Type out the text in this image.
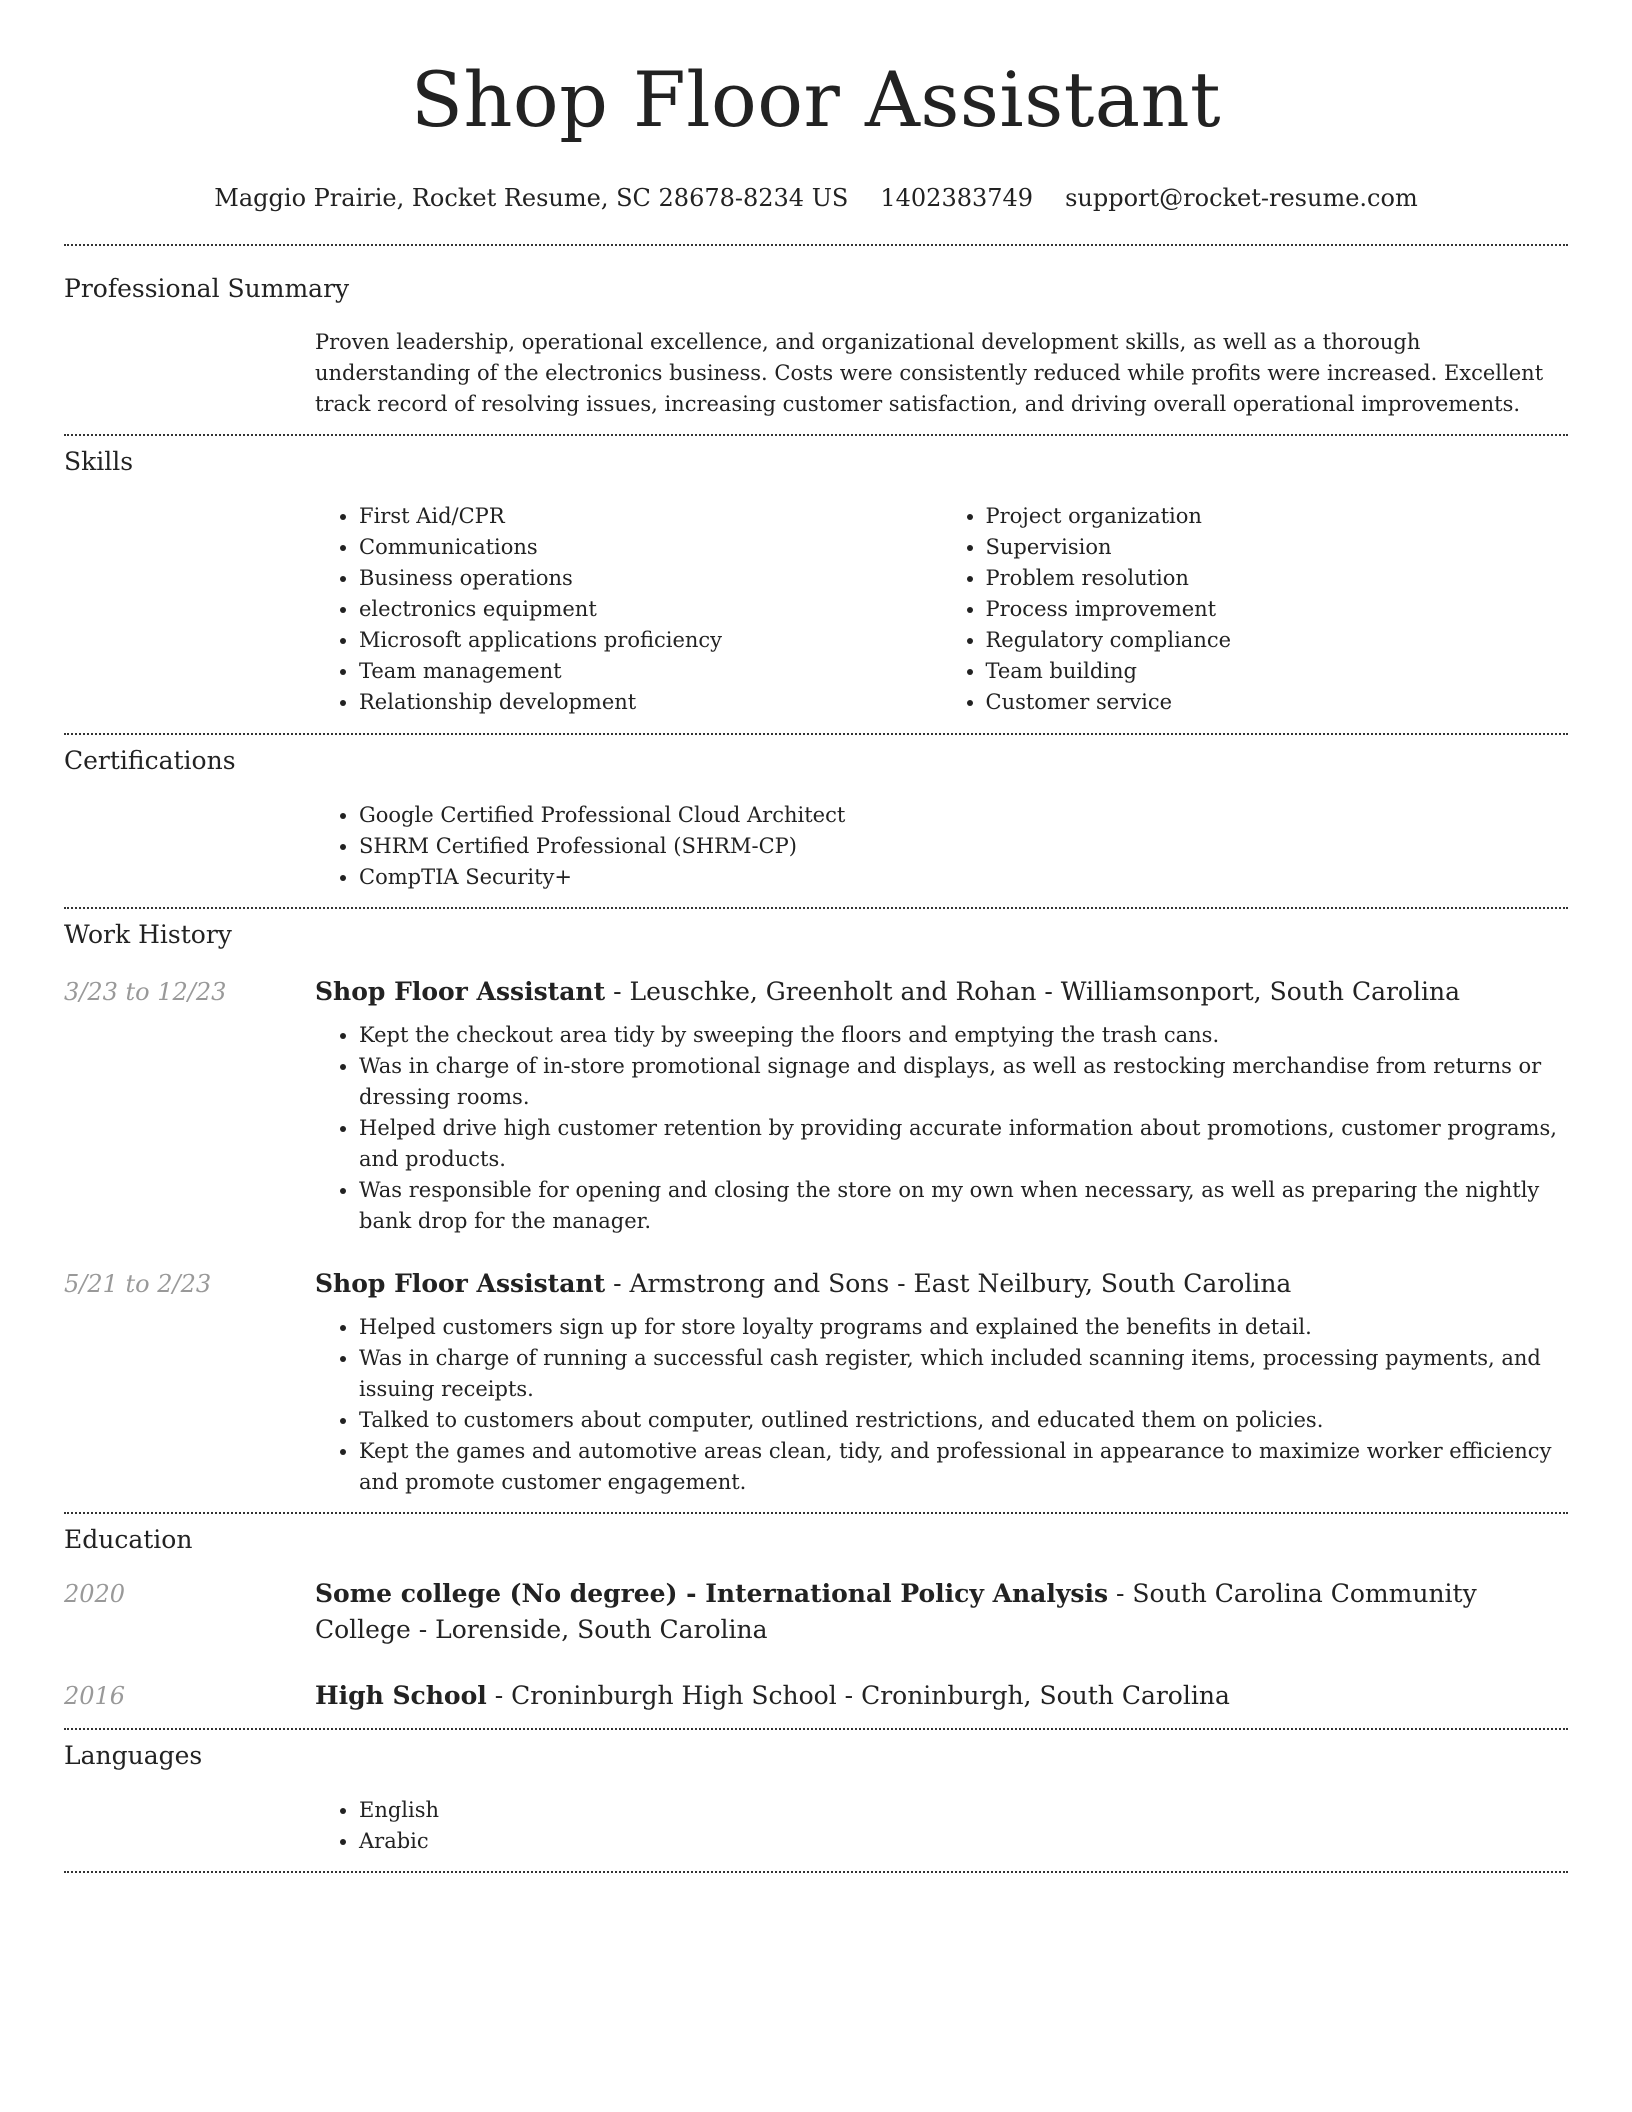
Shop Floor Assistant
Maggio Prairie, Rocket Resume, SC 28678-8234 US 1402383749 support@rocket-resume.com
Professional Summary

Proven leadership, operational excellence, and organizational development skills, as well as a thorough understanding of the electronics business. Costs were consistently reduced while profits were increased. Excellent track record of resolving issues, increasing customer satisfaction, and driving overall operational improvements.

Skills
• First Aid/CPR
• Communications
• Business operations
• electronics equipment
• Microsoft applications proficiency
• Team management
• Relationship development
• Project organization
• Supervision
• Problem resolution
• Process improvement
• Regulatory compliance
• Team building
• Customer service
Certifications
• Google Certified Professional Cloud Architect
• SHRM Certified Professional (SHRM-CP)
• CompTIA Security+
Work History
3/23 to 12/23	Shop Floor Assistant - Leuschke, Greenholt and Rohan - Williamsonport, South Carolina

• Kept the checkout area tidy by sweeping the floors and emptying the trash cans.
• Was in charge of in-store promotional signage and displays, as well as restocking merchandise from returns or dressing rooms.
• Helped drive high customer retention by providing accurate information about promotions, customer programs, and products.
• Was responsible for opening and closing the store on my own when necessary, as well as preparing the nightly bank drop for the manager.
5/21 to 2/23	Shop Floor Assistant - Armstrong and Sons - East Neilbury, South Carolina

• Helped customers sign up for store loyalty programs and explained the benefits in detail.
• Was in charge of running a successful cash register, which included scanning items, processing payments, and issuing receipts.
• Talked to customers about computer, outlined restrictions, and educated them on policies.
• Kept the games and automotive areas clean, tidy, and professional in appearance to maximize worker efficiency and promote customer engagement.
Education
2020	Some college (No degree) - International Policy Analysis - South Carolina Community College - Lorenside, South Carolina

2016	High School - Croninburgh High School - Croninburgh, South Carolina

Languages
• English
• Arabic
